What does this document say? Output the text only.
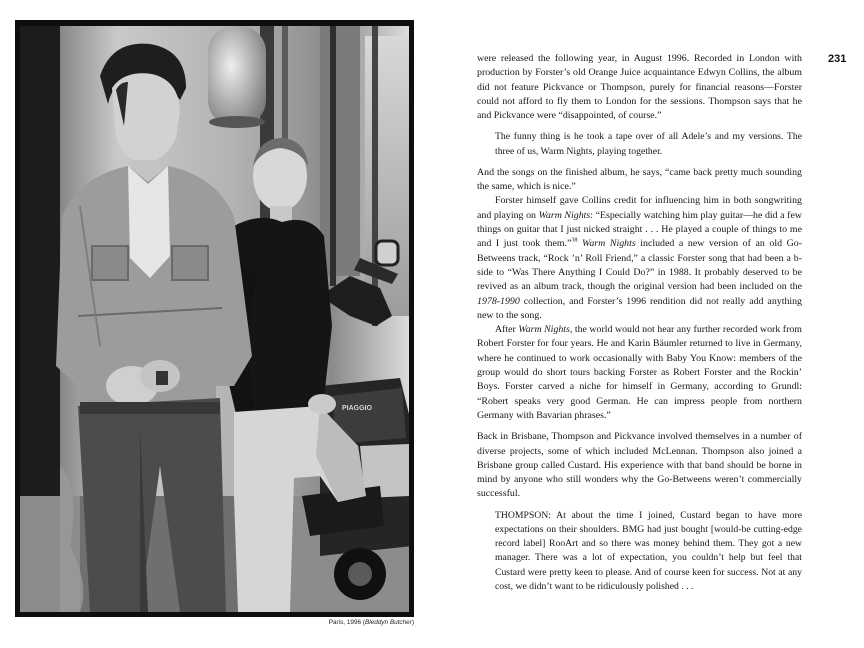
PIAGGIO
Paris, 1996 (Bleddyn Butcher)
231

were released the following year, in August 1996. Recorded in London with production by Forster’s old Orange Juice acquaintance Edwyn Collins, the album did not feature Pickvance or Thompson, purely for financial reasons—Forster could not afford to fly them to London for the sessions. Thompson says that he and Pickvance were “disappointed, of course.”

The funny thing is he took a tape over of all Adele’s and my versions. The three of us, Warm Nights, playing together.

And the songs on the finished album, he says, “came back pretty much sounding the same, which is nice.”

Forster himself gave Collins credit for influencing him in both songwriting and playing on Warm Nights: “Especially watching him play guitar—he did a few things on guitar that I just nicked straight . . . He played a couple of things to me and I just took them.”$^{38}$ Warm Nights included a new version of an old Go-Betweens track, “Rock ’n’ Roll Friend,” a classic Forster song that had been a b-side to “Was There Anything I Could Do?” in 1988. It probably deserved to be revived as an album track, though the original version had been included on the 1978-1990 collection, and Forster’s 1996 rendition did not really add anything new to the song.

After Warm Nights, the world would not hear any further recorded work from Robert Forster for four years. He and Karin Bäumler returned to live in Germany, where he continued to work occasionally with Baby You Know: members of the group would do short tours backing Forster as Robert Forster and the Rockin’ Boys. Forster carved a niche for himself in Germany, according to Grundl: “Robert speaks very good German. He can impress people from northern Germany with Bavarian phrases.”

Back in Brisbane, Thompson and Pickvance involved themselves in a number of diverse projects, some of which included McLennan. Thompson also joined a Brisbane group called Custard. His experience with that band should be borne in mind by anyone who still wonders why the Go-Betweens weren’t commercially successful.

THOMPSON: At about the time I joined, Custard began to have more expectations on their shoulders. BMG had just bought [would-be cutting-edge record label] RooArt and so there was money behind them. They got a new manager. There was a lot of expectation, you couldn’t help but feel that Custard were pretty keen to please. And of course keen for success. Not at any cost, we didn’t want to be ridiculously polished . . .
